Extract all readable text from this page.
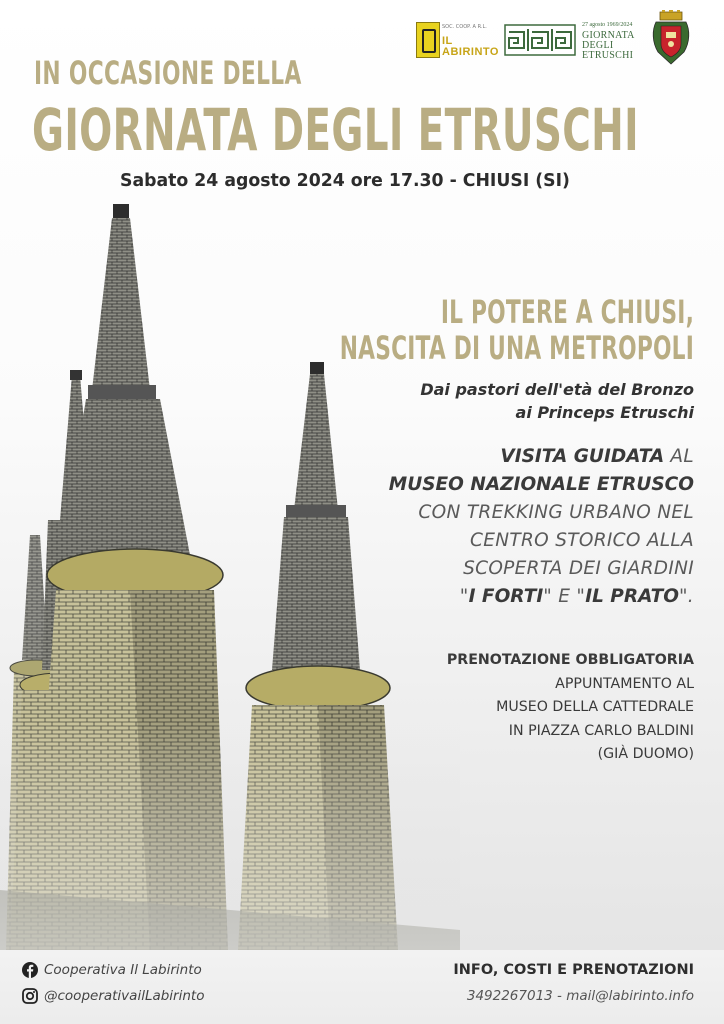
SOC. COOP. A R.L.
IL
ABIRINTO
27 agosto 1969/2024
GIORNATA
DEGLI
ETRUSCHI
IN OCCASIONE DELLA
GIORNATA DEGLI ETRUSCHI
Sabato 24 agosto 2024 ore 17.30 - CHIUSI (SI)
IL POTERE A CHIUSI,
NASCITA DI UNA METROPOLI
Dai pastori dell'età del Bronzo
ai Princeps Etruschi
VISITA GUIDATA AL
MUSEO NAZIONALE ETRUSCO
CON TREKKING URBANO NEL
CENTRO STORICO ALLA
SCOPERTA DEI GIARDINI
"I FORTI" E "IL PRATO".
PRENOTAZIONE OBBLIGATORIA
APPUNTAMENTO AL
MUSEO DELLA CATTEDRALE
IN PIAZZA CARLO BALDINI
(GIÀ DUOMO)
Cooperativa Il Labirinto
@cooperativailLabirinto
INFO, COSTI E PRENOTAZIONI
3492267013 - mail@labirinto.info
